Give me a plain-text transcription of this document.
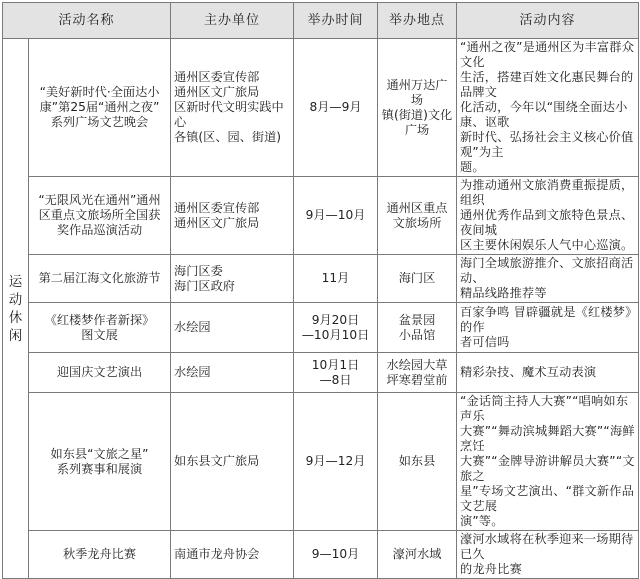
活动名称		主办单位	举办时间	举办地点	活动内容

运动
休闲	“美好新时代·全面达小
康”第25届“通州之夜”
系列广场文艺晚会	通州区委宣传部
通州区文广旅局
区新时代文明实践中心
各镇(区、园、街道)	8月—9月	通州万达广场
镇(街道)文化广场	“通州之夜”是通州区为丰富群众文化
生活，搭建百姓文化惠民舞台的品牌文
化活动，今年以“围绕全面达小康、讴歌
新时代、弘扬社会主义核心价值观”为主
题。

	“无限风光在通州”通州
区重点文旅场所全国获
奖作品巡演活动	通州区委宣传部
通州区文广旅局	9月—10月	通州区重点
文旅场所	为推动通州文旅消费重振提质，组织
通州优秀作品到文旅特色景点、夜间城
区主要休闲娱乐人气中心巡演。

	第二届江海文化旅游节	海门区委
海门区政府	11月	海门区	海门全域旅游推介、文旅招商活动、
精品线路推荐等

	《红楼梦作者新探》
图文展	水绘园	9月20日
—10月10日	盆景园
小品馆	百家争鸣 冒辟疆就是《红楼梦》的作
者可信吗

	迎国庆文艺演出	水绘园	10月1日
—8日	水绘园大草
坪寒碧堂前	精彩杂技、魔术互动表演

	如东县“文旅之星”
系列赛事和展演	如东县文广旅局	9月—12月	如东县	“金话筒主持人大赛”“唱响如东声乐
大赛”“舞动滨城舞蹈大赛”“海鲜烹饪
大赛”“金牌导游讲解员大赛”“文旅之
星”专场文艺演出、“群文新作品文艺展
演”等。

	秋季龙舟比赛	南通市龙舟协会	9—10月	濠河水域	濠河水域将在秋季迎来一场期待已久
的龙舟比赛
